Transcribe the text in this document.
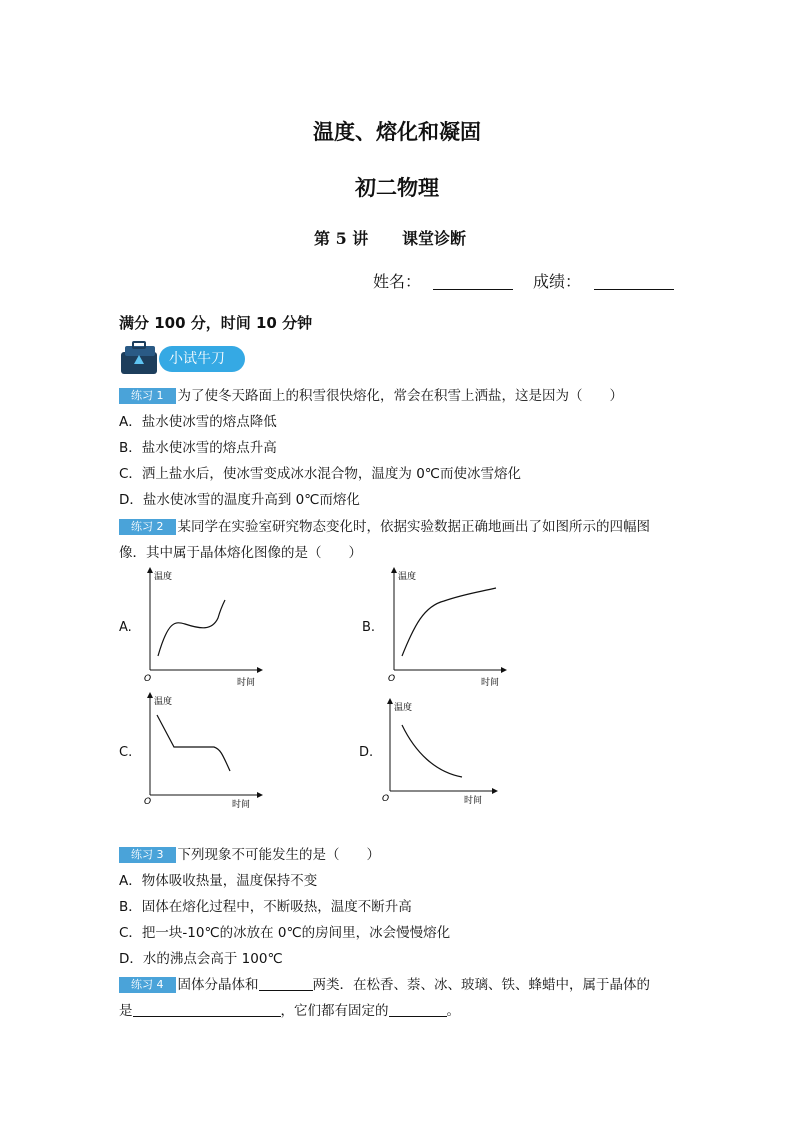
温度、熔化和凝固
初二物理
第 5 讲 课堂诊断
姓名：	成绩：
满分 100 分，时间 10 分钟
小试牛刀
练习 1 为了使冬天路面上的积雪很快熔化，常会在积雪上洒盐，这是因为（　　）
A．盐水使冰雪的熔点降低
B．盐水使冰雪的熔点升高
C．洒上盐水后，使冰雪变成冰水混合物，温度为 0℃而使冰雪熔化
D．盐水使冰雪的温度升高到 0℃而熔化
练习 2 某同学在实验室研究物态变化时，依据实验数据正确地画出了如图所示的四幅图
像．其中属于晶体熔化图像的是（　　）
A.
温度
时间
O
B.
温度
时间
O
C.
温度
时间
O
D.
温度
时间
O
练习 3 下列现象不可能发生的是（　　）
A．物体吸收热量，温度保持不变
B．固体在熔化过程中，不断吸热，温度不断升高
C．把一块-10℃的冰放在 0℃的房间里，冰会慢慢熔化
D．水的沸点会高于 100℃
练习 4 固体分晶体和	两类．在松香、萘、冰、玻璃、铁、蜂蜡中，属于晶体的
是	，它们都有固定的	。
